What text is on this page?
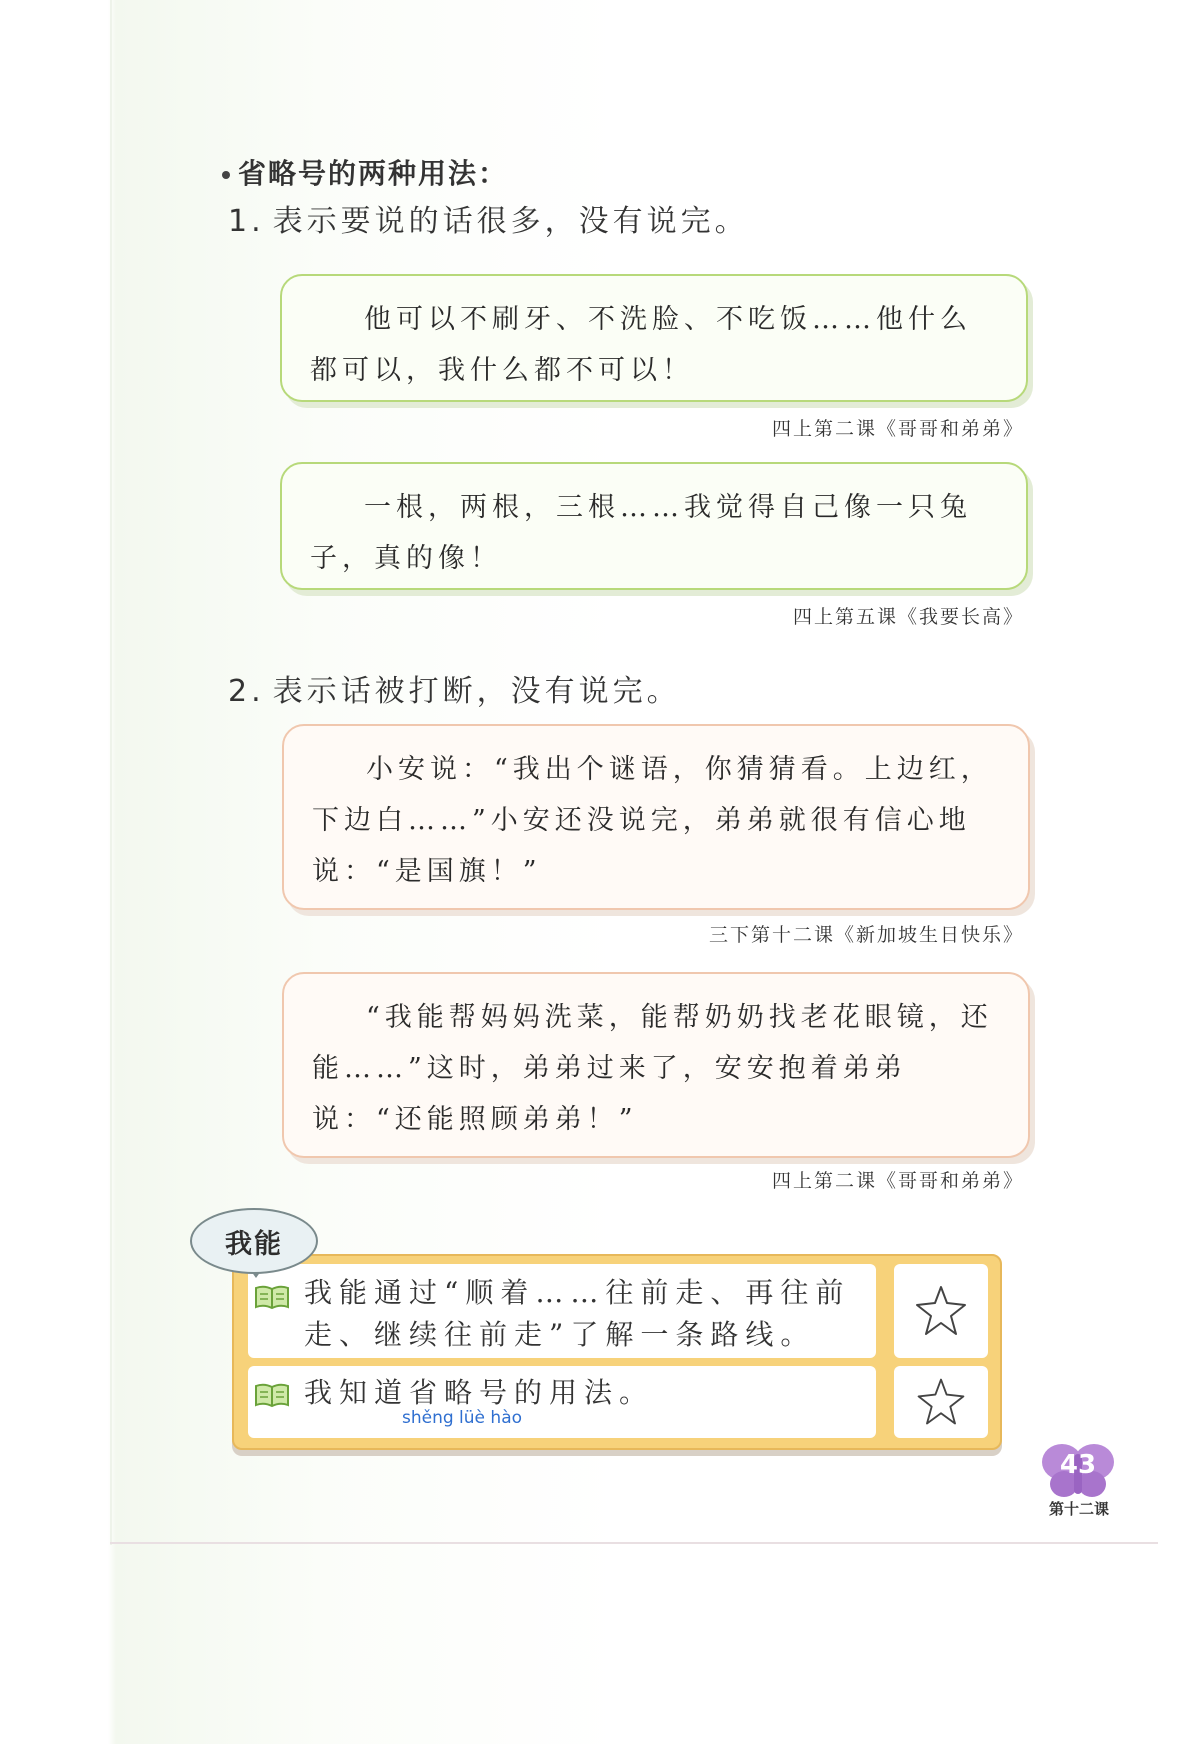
省略号的两种用法：
1. 表示要说的话很多，没有说完。
他可以不刷牙、不洗脸、不吃饭……他什么都可以，我什么都不可以！
四上第二课《哥哥和弟弟》
一根，两根，三根……我觉得自己像一只兔子，真的像！
四上第五课《我要长高》
2. 表示话被打断，没有说完。
小安说：“我出个谜语，你猜猜看。上边红，下边白……”小安还没说完，弟弟就很有信心地说：“是国旗！”
三下第十二课《新加坡生日快乐》
“我能帮妈妈洗菜，能帮奶奶找老花眼镜，还能……”这时，弟弟过来了，安安抱着弟弟说：“还能照顾弟弟！”
四上第二课《哥哥和弟弟》
我能通过“顺着……往前走、再往前
走、继续往前走”了解一条路线。
我知道省略号的用法。
shěng lüè hào
我能
43
第十二课
